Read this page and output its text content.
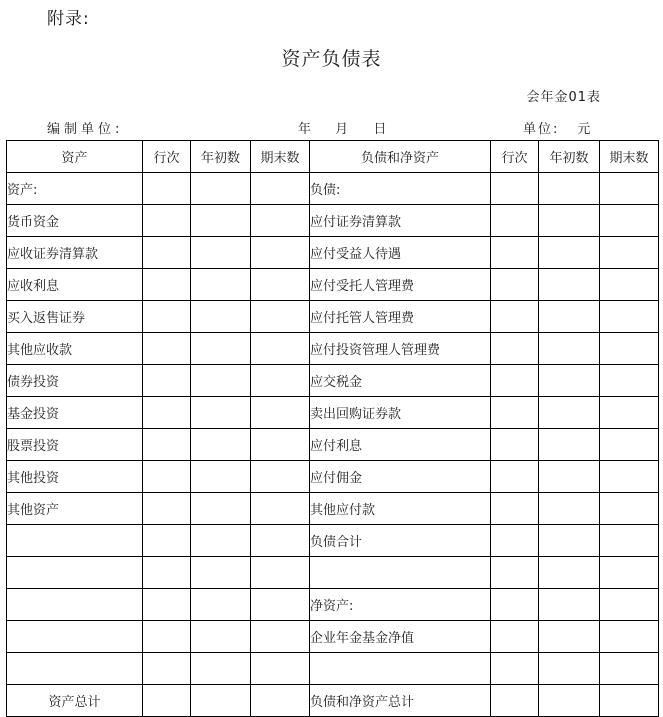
附录:
资产负债表
会年金01表
编制单位:	年 月 日	单位: 元
资产	行次	年初数	期末数	负债和净资产	行次	年初数	期末数
资产:				负债:			
货币资金				应付证券清算款			
应收证券清算款				应付受益人待遇			
应收利息				应付受托人管理费			
买入返售证券				应付托管人管理费			
其他应收款				应付投资管理人管理费			
债券投资				应交税金			
基金投资				卖出回购证券款			
股票投资				应付利息			
其他投资				应付佣金			
其他资产				其他应付款			
				负债合计			

				净资产:			
				企业年金基金净值			

资产总计				负债和净资产总计			
